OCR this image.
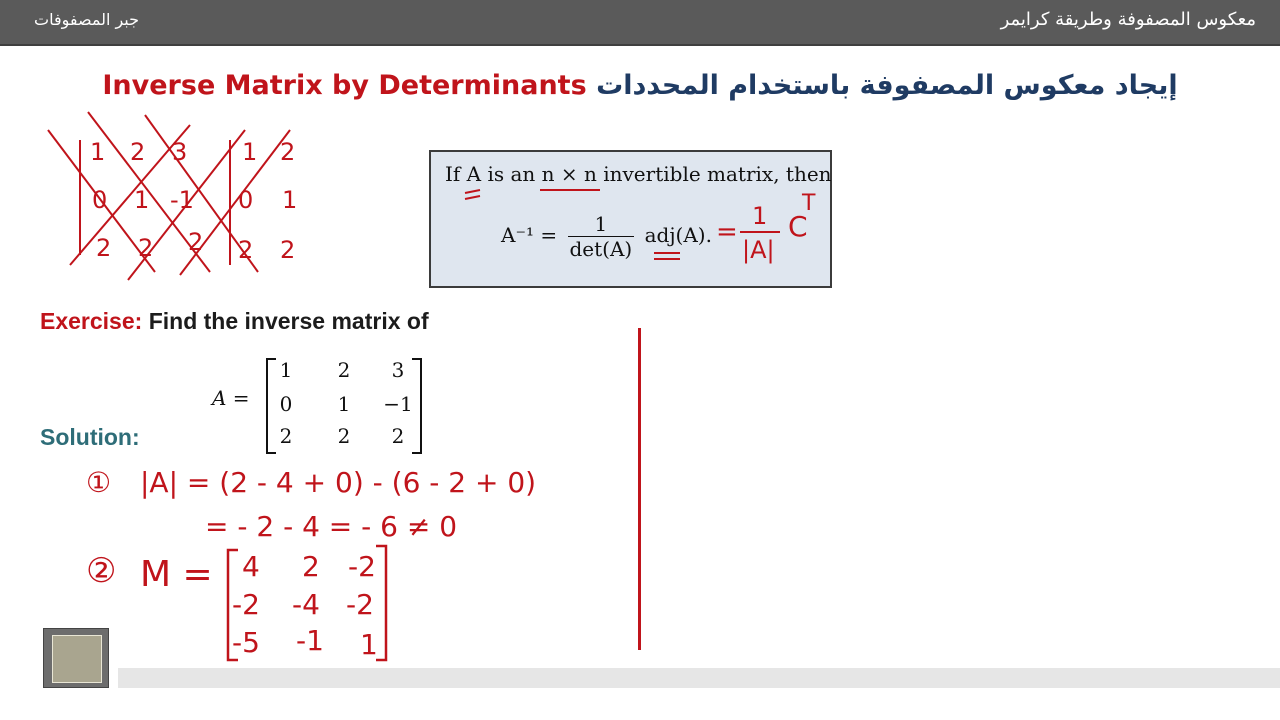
معكوس المصفوفة وطريقة كرايمر
جبر المصفوفات
Inverse Matrix by Determinants إيجاد معكوس المصفوفة باستخدام المحددات
If A is an n × n invertible matrix, then
A⁻¹ =	1
det(A)
adj(A).
Exercise: Find the inverse matrix of
A =
1	2	3
0	1	−1
2	2	2
Solution:
1 2 3 1 2
0 1 -1 0 1
2 2 2 2 2
=
1
|A|
C
T
① |A| = (2 - 4 + 0) - (6 - 2 + 0)
= - 2 - 4 = - 6 ≠ 0
② M = 4 2 -2
-2 -4 -2
-5 -1 1
